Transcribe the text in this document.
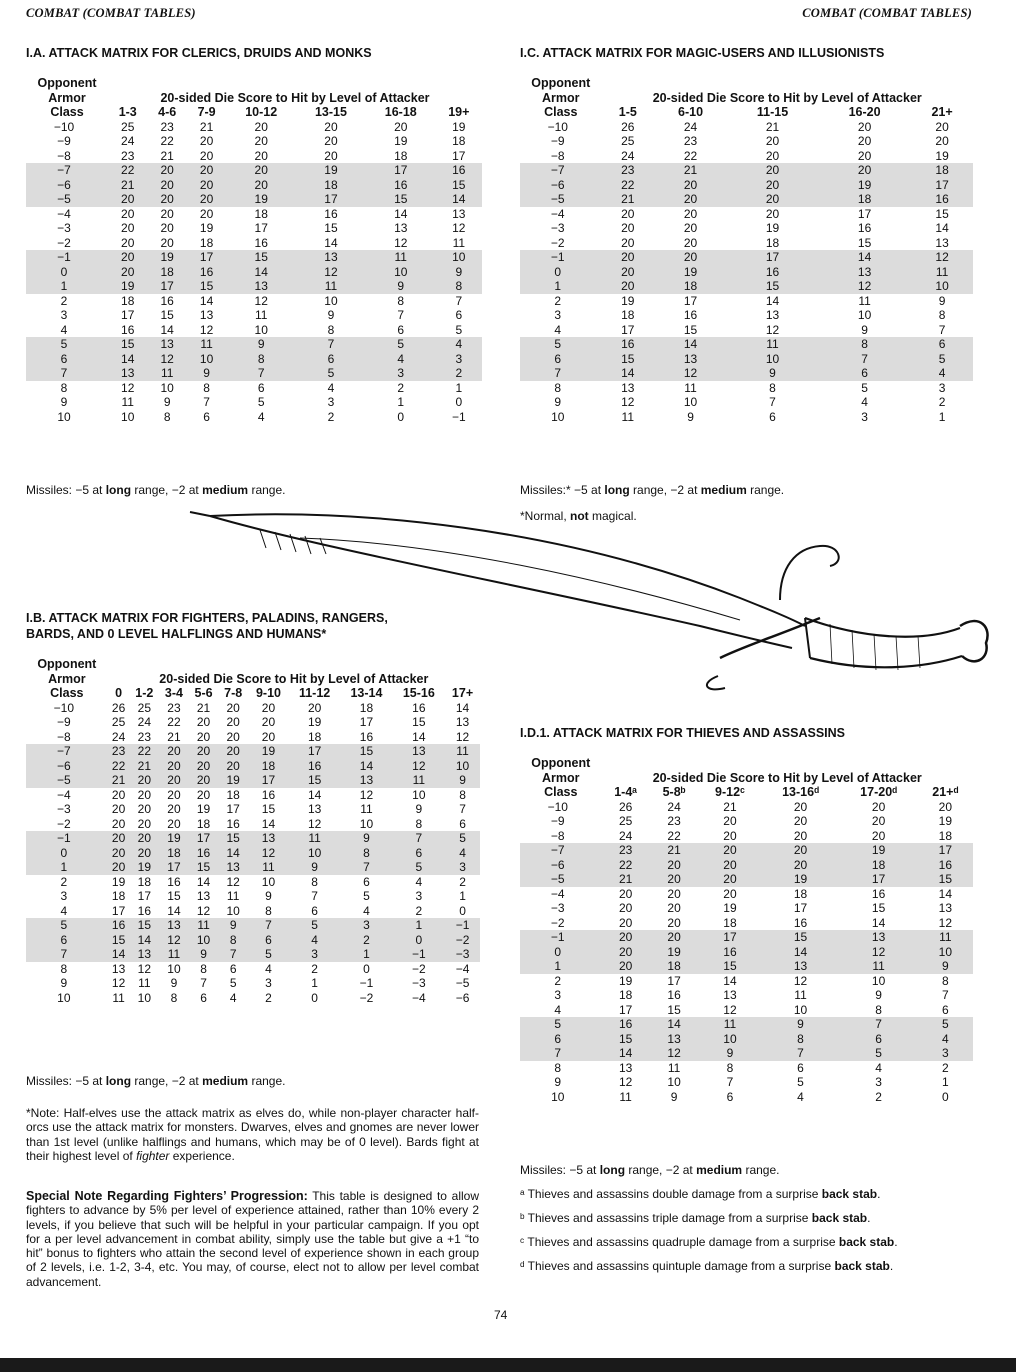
COMBAT (COMBAT TABLES)	COMBAT (COMBAT TABLES)
I.A. ATTACK MATRIX FOR CLERICS, DRUIDS AND MONKS
Opponent							
Armor	20-sided Die Score to Hit by Level of Attacker						
Class	1-3	4-6	7-9	10-12	13-15	16-18	19+
−10	25	23	21	20	20	20	19
−9	24	22	20	20	20	19	18
−8	23	21	20	20	20	18	17
−7	22	20	20	20	19	17	16
−6	21	20	20	20	18	16	15
−5	20	20	20	19	17	15	14
−4	20	20	20	18	16	14	13
−3	20	20	19	17	15	13	12
−2	20	20	18	16	14	12	11
−1	20	19	17	15	13	11	10
0	20	18	16	14	12	10	9
1	19	17	15	13	11	9	8
2	18	16	14	12	10	8	7
3	17	15	13	11	9	7	6
4	16	14	12	10	8	6	5
5	15	13	11	9	7	5	4
6	14	12	10	8	6	4	3
7	13	11	9	7	5	3	2
8	12	10	8	6	4	2	1
9	11	9	7	5	3	1	0
10	10	8	6	4	2	0	−1
Missiles: −5 at long range, −2 at medium range.
I.C. ATTACK MATRIX FOR MAGIC-USERS AND ILLUSIONISTS
Opponent					
Armor	20-sided Die Score to Hit by Level of Attacker				
Class	1-5	6-10	11-15	16-20	21+
−10	26	24	21	20	20
−9	25	23	20	20	20
−8	24	22	20	20	19
−7	23	21	20	20	18
−6	22	20	20	19	17
−5	21	20	20	18	16
−4	20	20	20	17	15
−3	20	20	19	16	14
−2	20	20	18	15	13
−1	20	20	17	14	12
0	20	19	16	13	11
1	20	18	15	12	10
2	19	17	14	11	9
3	18	16	13	10	8
4	17	15	12	9	7
5	16	14	11	8	6
6	15	13	10	7	5
7	14	12	9	6	4
8	13	11	8	5	3
9	12	10	7	4	2
10	11	9	6	3	1
Missiles:* −5 at long range, −2 at medium range.
*Normal, not magical.
I.B. ATTACK MATRIX FOR FIGHTERS, PALADINS, RANGERS,
BARDS, AND 0 LEVEL HALFLINGS AND HUMANS*
Opponent										
Armor	20-sided Die Score to Hit by Level of Attacker									
Class	0	1-2	3-4	5-6	7-8	9-10	11-12	13-14	15-16	17+
−10	26	25	23	21	20	20	20	18	16	14
−9	25	24	22	20	20	20	19	17	15	13
−8	24	23	21	20	20	20	18	16	14	12
−7	23	22	20	20	20	19	17	15	13	11
−6	22	21	20	20	20	18	16	14	12	10
−5	21	20	20	20	19	17	15	13	11	9
−4	20	20	20	20	18	16	14	12	10	8
−3	20	20	20	19	17	15	13	11	9	7
−2	20	20	20	18	16	14	12	10	8	6
−1	20	20	19	17	15	13	11	9	7	5
0	20	20	18	16	14	12	10	8	6	4
1	20	19	17	15	13	11	9	7	5	3
2	19	18	16	14	12	10	8	6	4	2
3	18	17	15	13	11	9	7	5	3	1
4	17	16	14	12	10	8	6	4	2	0
5	16	15	13	11	9	7	5	3	1	−1
6	15	14	12	10	8	6	4	2	0	−2
7	14	13	11	9	7	5	3	1	−1	−3
8	13	12	10	8	6	4	2	0	−2	−4
9	12	11	9	7	5	3	1	−1	−3	−5
10	11	10	8	6	4	2	0	−2	−4	−6
Missiles: −5 at long range, −2 at medium range.
*Note: Half-elves use the attack matrix as elves do, while non-player character half-orcs use the attack matrix for monsters. Dwarves, elves and gnomes are never lower than 1st level (unlike halflings and humans, which may be of 0 level). Bards fight at their highest level of fighter experience.
Special Note Regarding Fighters’ Progression: This table is designed to allow fighters to advance by 5% per level of experience attained, rather than 10% every 2 levels, if you believe that such will be helpful in your particular campaign. If you opt for a per level advancement in combat ability, simply use the table but give a +1 “to hit” bonus to fighters who attain the second level of experience shown in each group of 2 levels, i.e. 1-2, 3-4, etc. You may, of course, elect not to allow per level combat advancement.
I.D.1. ATTACK MATRIX FOR THIEVES AND ASSASSINS
Opponent						
Armor	20-sided Die Score to Hit by Level of Attacker					
Class	1-4ᵃ	5-8ᵇ	9-12ᶜ	13-16ᵈ	17-20ᵈ	21+ᵈ
−10	26	24	21	20	20	20
−9	25	23	20	20	20	19
−8	24	22	20	20	20	18
−7	23	21	20	20	19	17
−6	22	20	20	20	18	16
−5	21	20	20	19	17	15
−4	20	20	20	18	16	14
−3	20	20	19	17	15	13
−2	20	20	18	16	14	12
−1	20	20	17	15	13	11
0	20	19	16	14	12	10
1	20	18	15	13	11	9
2	19	17	14	12	10	8
3	18	16	13	11	9	7
4	17	15	12	10	8	6
5	16	14	11	9	7	5
6	15	13	10	8	6	4
7	14	12	9	7	5	3
8	13	11	8	6	4	2
9	12	10	7	5	3	1
10	11	9	6	4	2	0
Missiles: −5 at long range, −2 at medium range.
ᵃ Thieves and assassins double damage from a surprise back stab.
ᵇ Thieves and assassins triple damage from a surprise back stab.
ᶜ Thieves and assassins quadruple damage from a surprise back stab.
ᵈ Thieves and assassins quintuple damage from a surprise back stab.
74
